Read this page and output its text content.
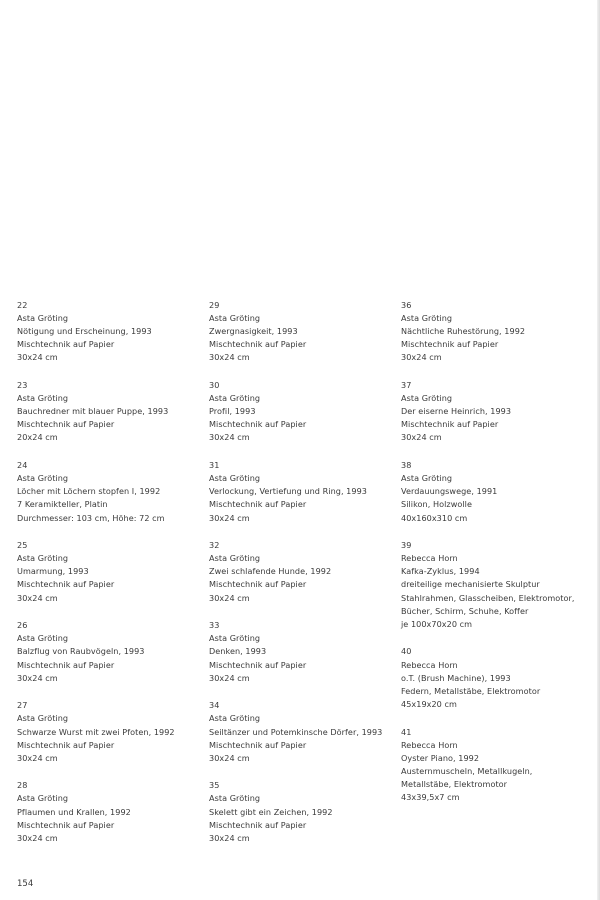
22
Asta Gröting
Nötigung und Erscheinung, 1993
Mischtechnik auf Papier
30x24 cm
23
Asta Gröting
Bauchredner mit blauer Puppe, 1993
Mischtechnik auf Papier
20x24 cm
24
Asta Gröting
Löcher mit Löchern stopfen I, 1992
7 Keramikteller, Platin
Durchmesser: 103 cm, Höhe: 72 cm
25
Asta Gröting
Umarmung, 1993
Mischtechnik auf Papier
30x24 cm
26
Asta Gröting
Balzflug von Raubvögeln, 1993
Mischtechnik auf Papier
30x24 cm
27
Asta Gröting
Schwarze Wurst mit zwei Pfoten, 1992
Mischtechnik auf Papier
30x24 cm
28
Asta Gröting
Pflaumen und Krallen, 1992
Mischtechnik auf Papier
30x24 cm
29
Asta Gröting
Zwergnasigkeit, 1993
Mischtechnik auf Papier
30x24 cm
30
Asta Gröting
Profil, 1993
Mischtechnik auf Papier
30x24 cm
31
Asta Gröting
Verlockung, Vertiefung und Ring, 1993
Mischtechnik auf Papier
30x24 cm
32
Asta Gröting
Zwei schlafende Hunde, 1992
Mischtechnik auf Papier
30x24 cm
33
Asta Gröting
Denken, 1993
Mischtechnik auf Papier
30x24 cm
34
Asta Gröting
Seiltänzer und Potemkinsche Dörfer, 1993
Mischtechnik auf Papier
30x24 cm
35
Asta Gröting
Skelett gibt ein Zeichen, 1992
Mischtechnik auf Papier
30x24 cm
36
Asta Gröting
Nächtliche Ruhestörung, 1992
Mischtechnik auf Papier
30x24 cm
37
Asta Gröting
Der eiserne Heinrich, 1993
Mischtechnik auf Papier
30x24 cm
38
Asta Gröting
Verdauungswege, 1991
Silikon, Holzwolle
40x160x310 cm
39
Rebecca Horn
Kafka-Zyklus, 1994
dreiteilige mechanisierte Skulptur
Stahlrahmen, Glasscheiben, Elektromotor,
Bücher, Schirm, Schuhe, Koffer
je 100x70x20 cm
40
Rebecca Horn
o.T. (Brush Machine), 1993
Federn, Metallstäbe, Elektromotor
45x19x20 cm
41
Rebecca Horn
Oyster Piano, 1992
Austernmuscheln, Metallkugeln,
Metallstäbe, Elektromotor
43x39,5x7 cm
154
